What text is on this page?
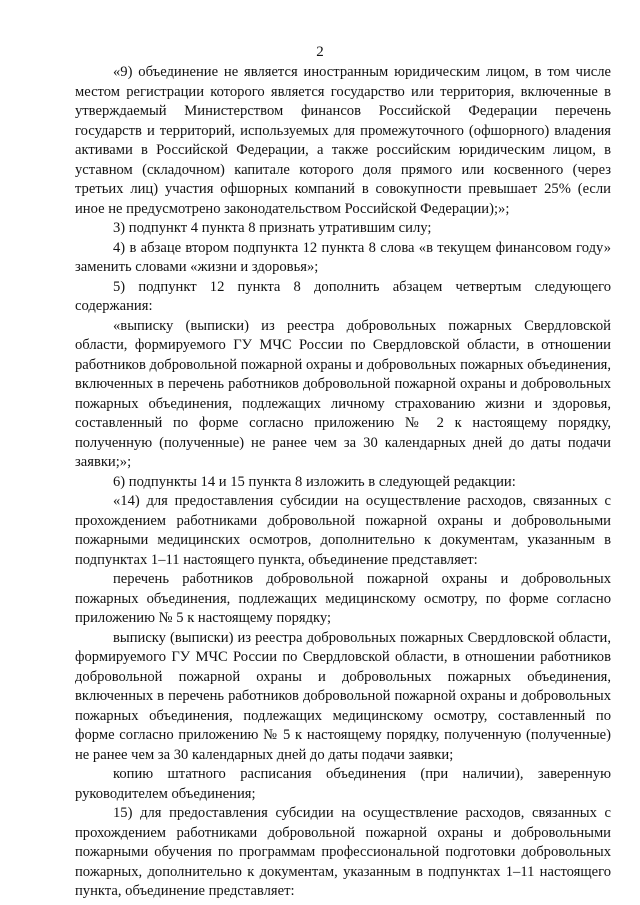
2

«9) объединение не является иностранным юридическим лицом, в том числе местом регистрации которого является государство или территория, включенные в утверждаемый Министерством финансов Российской Федерации перечень государств и территорий, используемых для промежуточного (офшорного) владения активами в Российской Федерации, а также российским юридическим лицом, в уставном (складочном) капитале которого доля прямого или косвенного (через третьих лиц) участия офшорных компаний в совокупности превышает 25% (если иное не предусмотрено законодательством Российской Федерации);»;

3) подпункт 4 пункта 8 признать утратившим силу;

4) в абзаце втором подпункта 12 пункта 8 слова «в текущем финансовом году» заменить словами «жизни и здоровья»;

5) подпункт 12 пункта 8 дополнить абзацем четвертым следующего содержания:

«выписку (выписки) из реестра добровольных пожарных Свердловской области, формируемого ГУ МЧС России по Свердловской области, в отношении работников добровольной пожарной охраны и добровольных пожарных объединения, включенных в перечень работников добровольной пожарной охраны и добровольных пожарных объединения, подлежащих личному страхованию жизни и здоровья, составленный по форме согласно приложению № 2 к настоящему порядку, полученную (полученные) не ранее чем за 30 календарных дней до даты подачи заявки;»;

6) подпункты 14 и 15 пункта 8 изложить в следующей редакции:

«14) для предоставления субсидии на осуществление расходов, связанных с прохождением работниками добровольной пожарной охраны и добровольными пожарными медицинских осмотров, дополнительно к документам, указанным в подпунктах 1–11 настоящего пункта, объединение представляет:

перечень работников добровольной пожарной охраны и добровольных пожарных объединения, подлежащих медицинскому осмотру, по форме согласно приложению № 5 к настоящему порядку;

выписку (выписки) из реестра добровольных пожарных Свердловской области, формируемого ГУ МЧС России по Свердловской области, в отношении работников добровольной пожарной охраны и добровольных пожарных объединения, включенных в перечень работников добровольной пожарной охраны и добровольных пожарных объединения, подлежащих медицинскому осмотру, составленный по форме согласно приложению № 5 к настоящему порядку, полученную (полученные) не ранее чем за 30 календарных дней до даты подачи заявки;

копию штатного расписания объединения (при наличии), заверенную руководителем объединения;

15) для предоставления субсидии на осуществление расходов, связанных с прохождением работниками добровольной пожарной охраны и добровольными пожарными обучения по программам профессиональной подготовки добровольных пожарных, дополнительно к документам, указанным в подпунктах 1–11 настоящего пункта, объединение представляет:
